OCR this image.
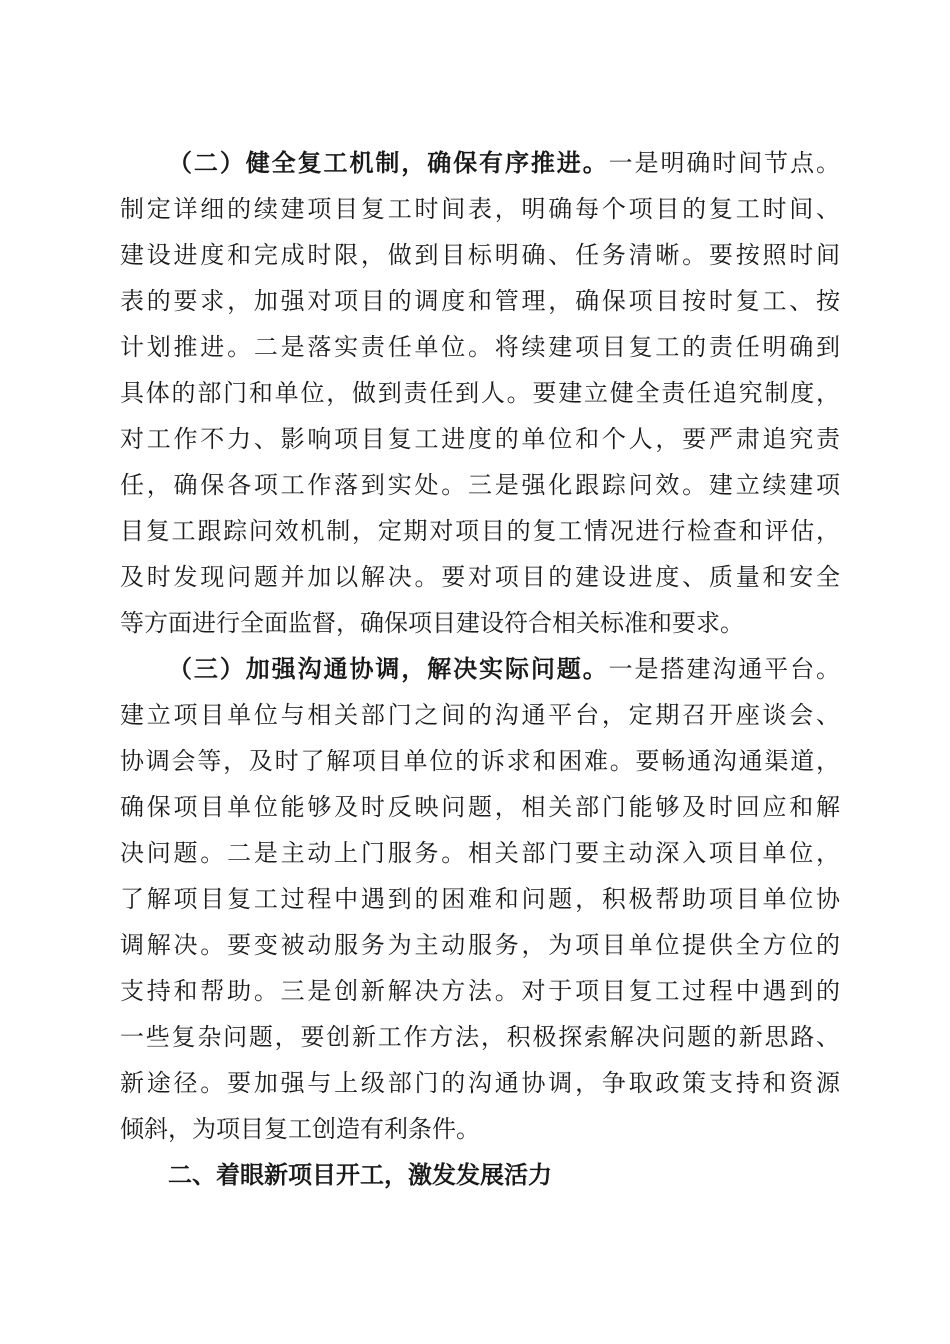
（二）健全复工机制，确保有序推进。一是明确时间节点。
制定详细的续建项目复工时间表，明确每个项目的复工时间、
建设进度和完成时限，做到目标明确、任务清晰。要按照时间
表的要求，加强对项目的调度和管理，确保项目按时复工、按
计划推进。二是落实责任单位。将续建项目复工的责任明确到
具体的部门和单位，做到责任到人。要建立健全责任追究制度，
对工作不力、影响项目复工进度的单位和个人，要严肃追究责
任，确保各项工作落到实处。三是强化跟踪问效。建立续建项
目复工跟踪问效机制，定期对项目的复工情况进行检查和评估，
及时发现问题并加以解决。要对项目的建设进度、质量和安全
等方面进行全面监督，确保项目建设符合相关标准和要求。
（三）加强沟通协调，解决实际问题。一是搭建沟通平台。
建立项目单位与相关部门之间的沟通平台，定期召开座谈会、
协调会等，及时了解项目单位的诉求和困难。要畅通沟通渠道，
确保项目单位能够及时反映问题，相关部门能够及时回应和解
决问题。二是主动上门服务。相关部门要主动深入项目单位，
了解项目复工过程中遇到的困难和问题，积极帮助项目单位协
调解决。要变被动服务为主动服务，为项目单位提供全方位的
支持和帮助。三是创新解决方法。对于项目复工过程中遇到的
一些复杂问题，要创新工作方法，积极探索解决问题的新思路、
新途径。要加强与上级部门的沟通协调，争取政策支持和资源
倾斜，为项目复工创造有利条件。
二、着眼新项目开工，激发发展活力
